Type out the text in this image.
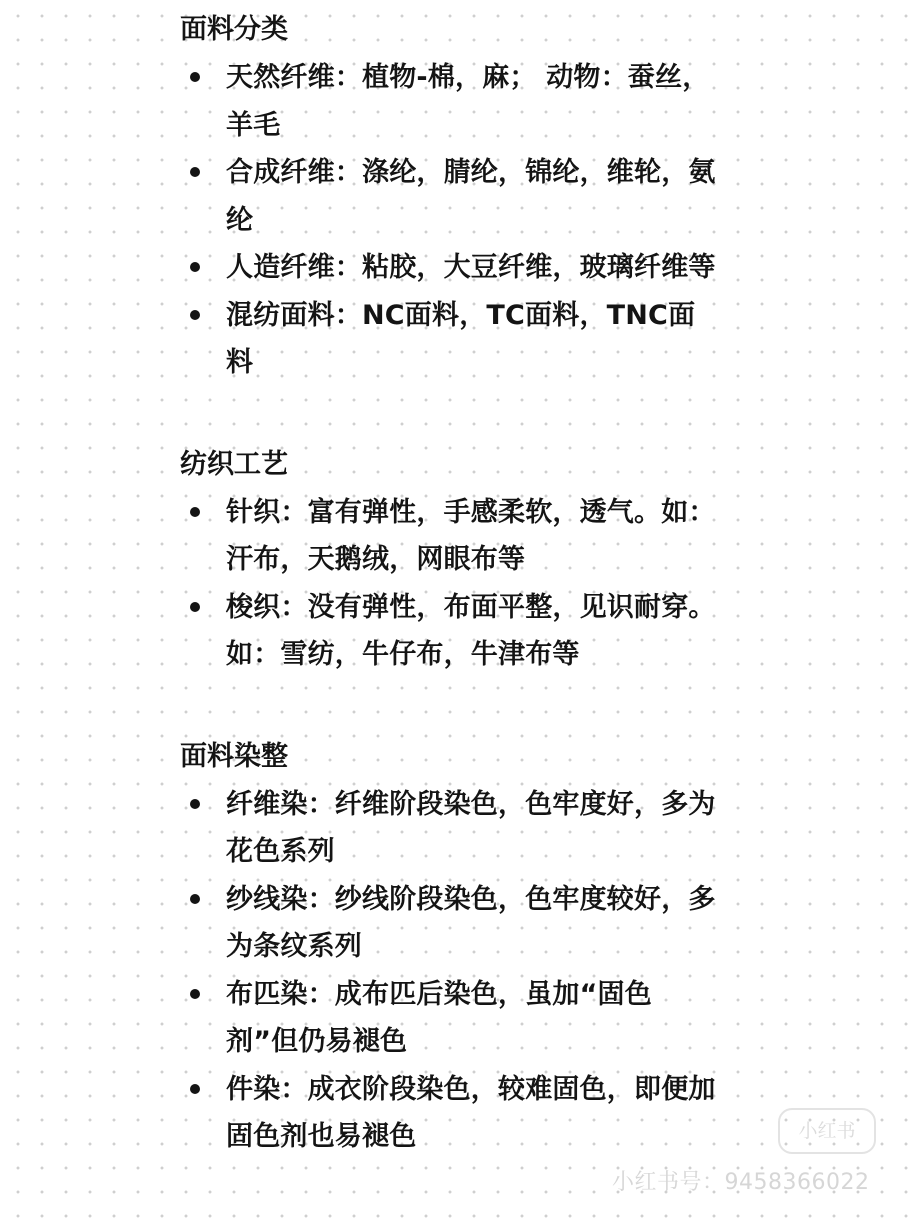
面料分类
天然纤维：植物-棉，麻； 动物：蚕丝，羊毛
合成纤维：涤纶，腈纶，锦纶，维轮，氨纶
人造纤维：粘胶，大豆纤维，玻璃纤维等
混纺面料：NC面料，TC面料，TNC面料
纺织工艺
针织：富有弹性，手感柔软，透气。如：汗布，天鹅绒，网眼布等
梭织：没有弹性，布面平整，见识耐穿。如：雪纺，牛仔布，牛津布等
面料染整
纤维染：纤维阶段染色，色牢度好，多为花色系列
纱线染：纱线阶段染色，色牢度较好，多为条纹系列
布匹染：成布匹后染色，虽加“固色剂”但仍易褪色
件染：成衣阶段染色，较难固色，即便加固色剂也易褪色	小红书
小红书号：9458366022
